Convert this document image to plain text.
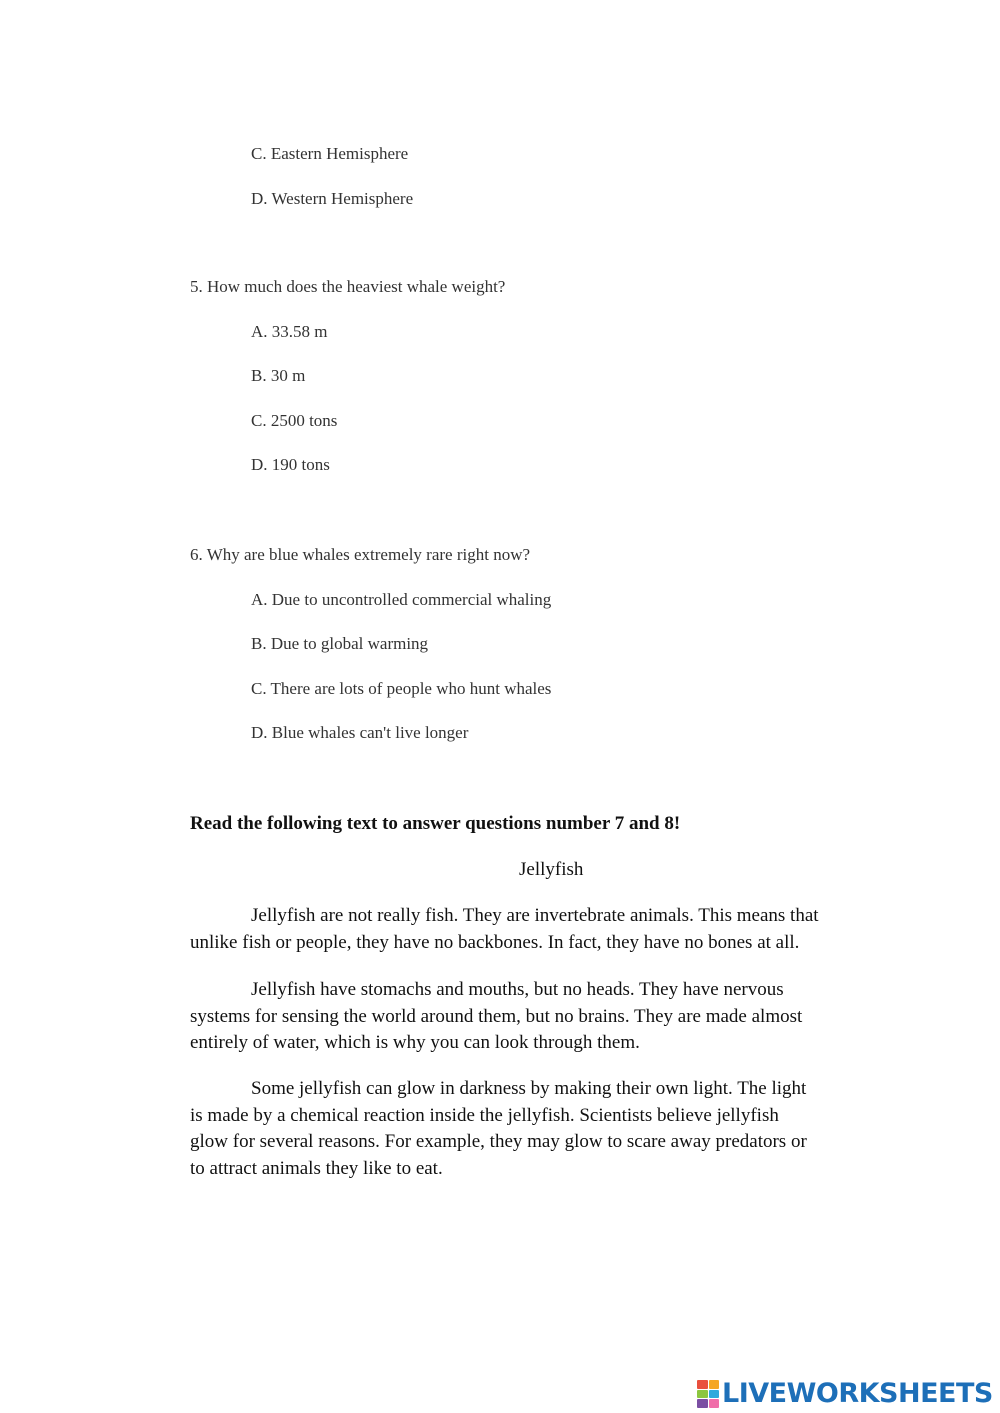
C. Eastern Hemisphere
D. Western Hemisphere
5. How much does the heaviest whale weight?
A. 33.58 m
B. 30 m
C. 2500 tons
D. 190 tons
6. Why are blue whales extremely rare right now?
A. Due to uncontrolled commercial whaling
B. Due to global warming
C. There are lots of people who hunt whales
D. Blue whales can't live longer
Read the following text to answer questions number 7 and 8!
Jellyfish

Jellyfish are not really fish. They are invertebrate animals. This means that
unlike fish or people, they have no backbones. In fact, they have no bones at all.

Jellyfish have stomachs and mouths, but no heads. They have nervous
systems for sensing the world around them, but no brains. They are made almost
entirely of water, which is why you can look through them.

Some jellyfish can glow in darkness by making their own light. The light
is made by a chemical reaction inside the jellyfish. Scientists believe jellyfish
glow for several reasons. For example, they may glow to scare away predators or
to attract animals they like to eat.

LIVEWORKSHEETS
